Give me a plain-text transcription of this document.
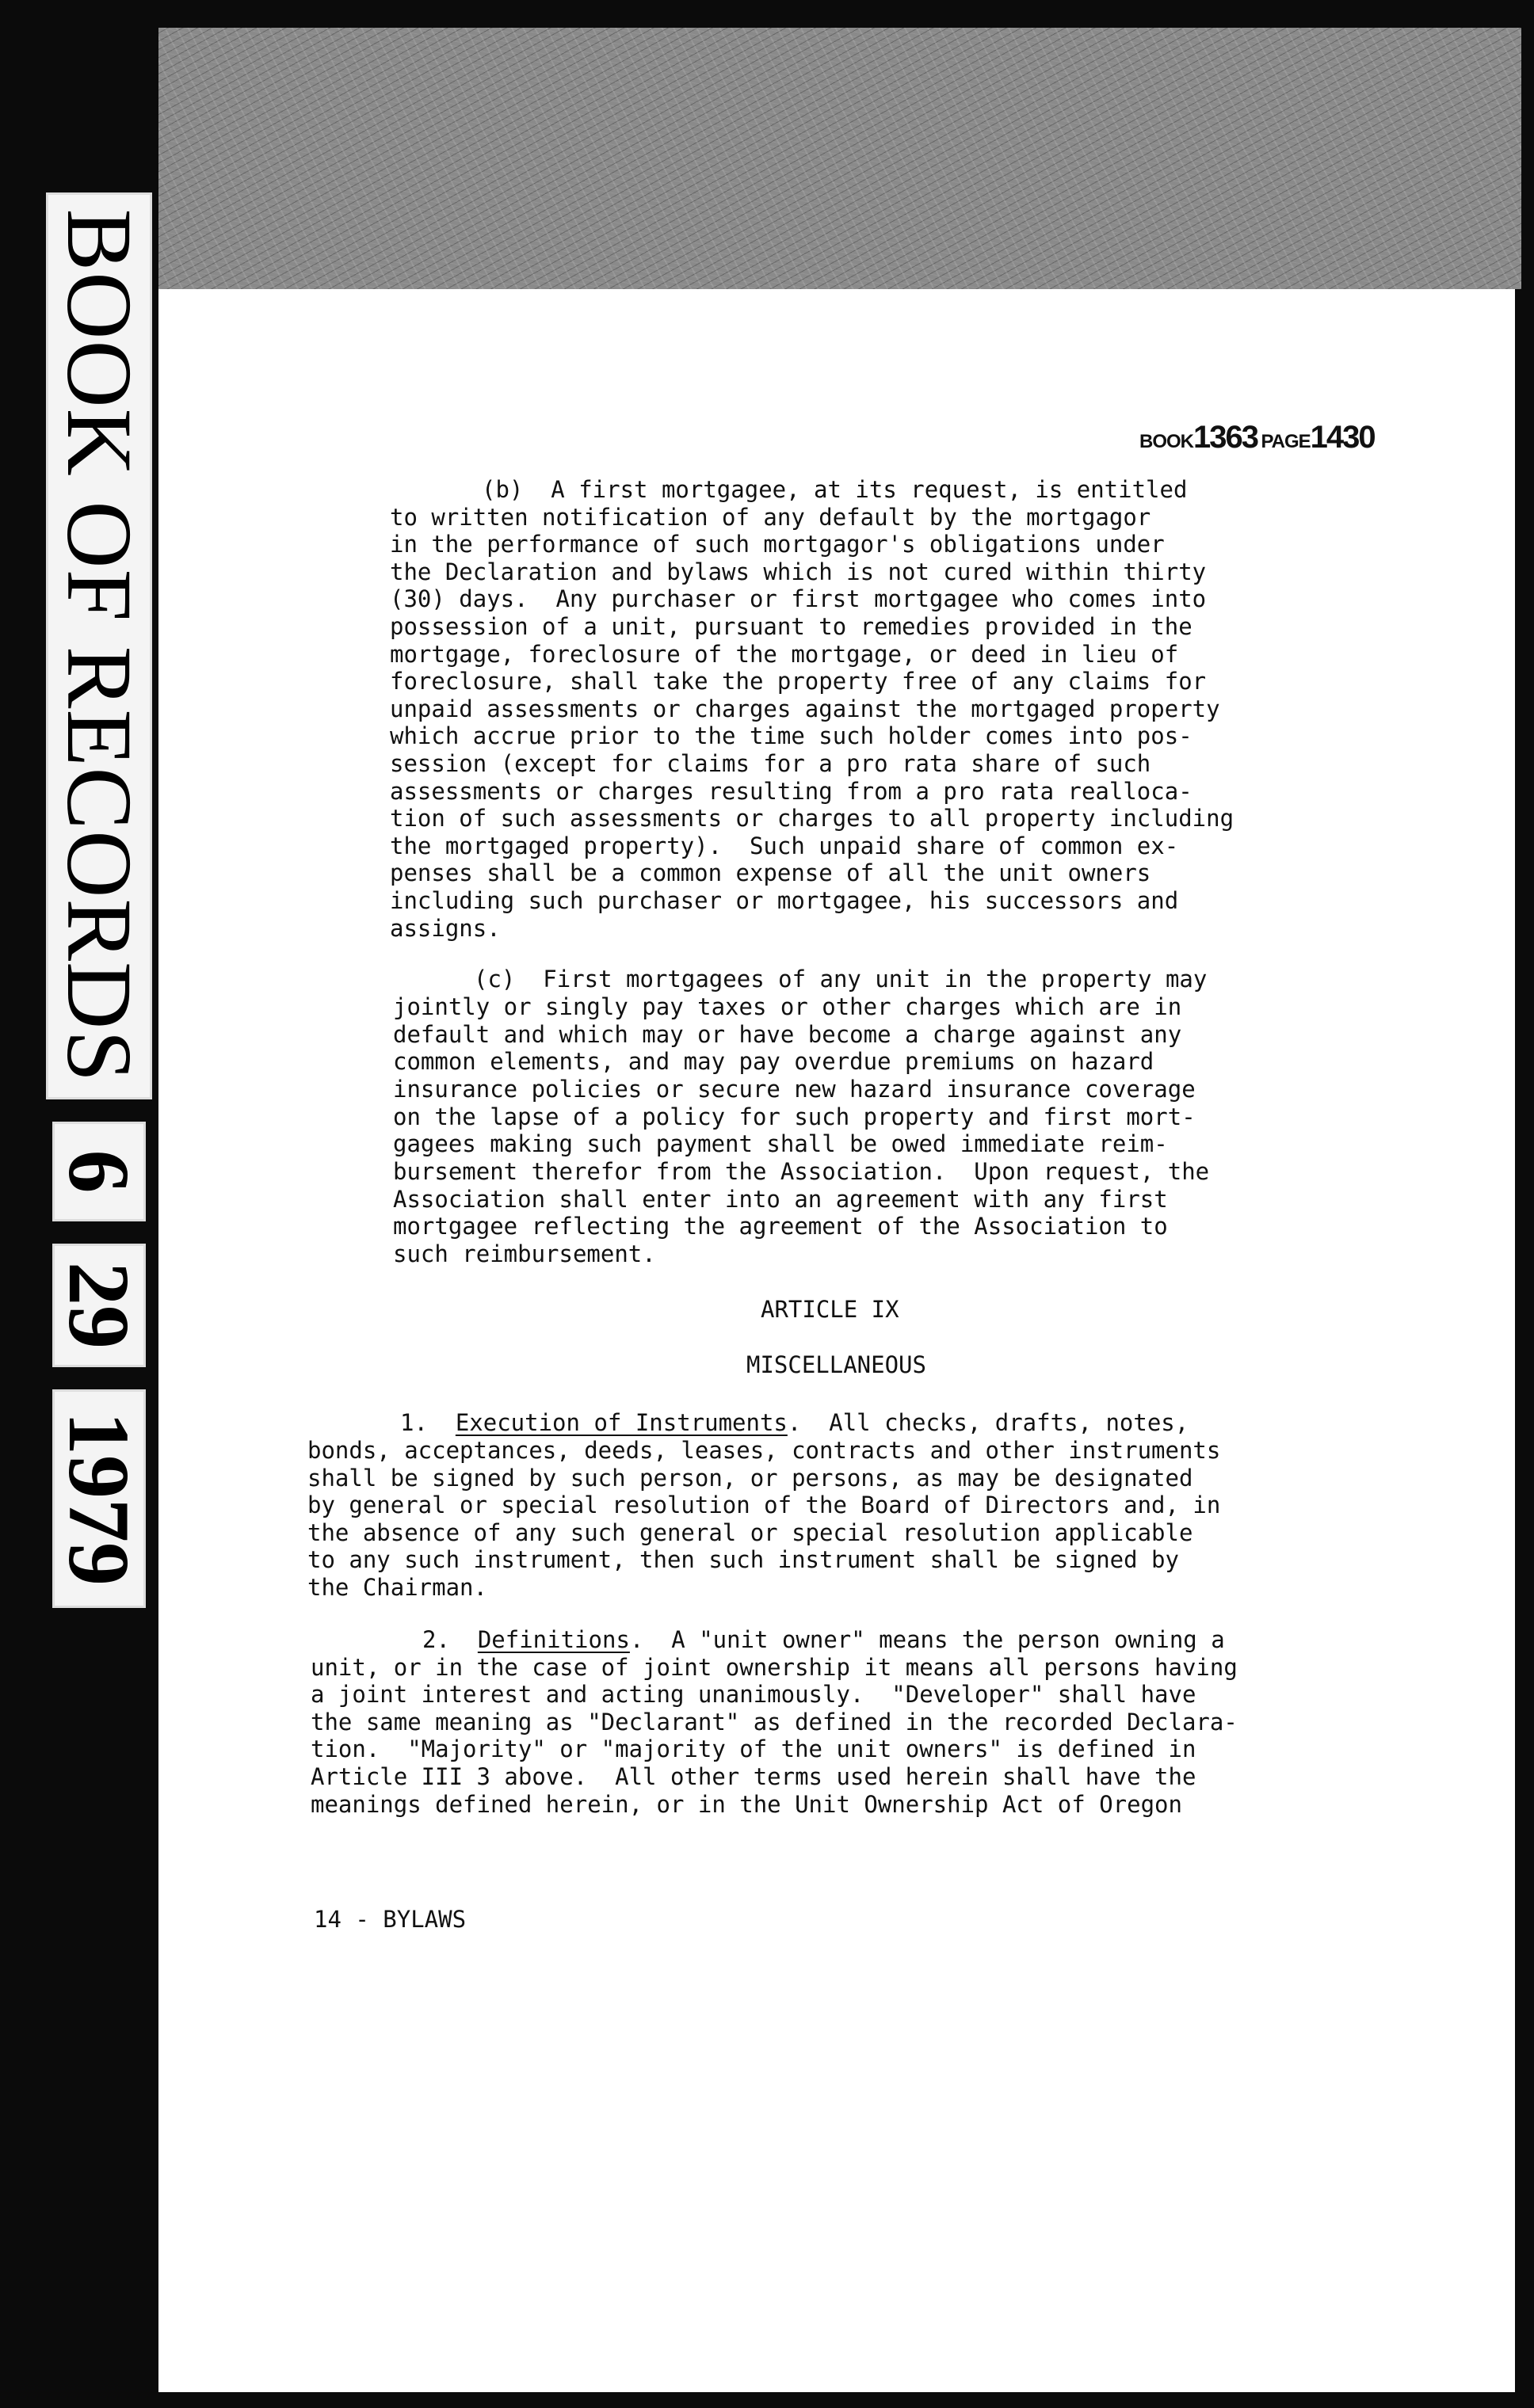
1979
29
6
BOOK OF RECORDS	BOOK1363 PAGE1430
(b)  A first mortgagee, at its request, is entitled
to written notification of any default by the mortgagor
in the performance of such mortgagor's obligations under
the Declaration and bylaws which is not cured within thirty
(30) days.  Any purchaser or first mortgagee who comes into
possession of a unit, pursuant to remedies provided in the
mortgage, foreclosure of the mortgage, or deed in lieu of
foreclosure, shall take the property free of any claims for
unpaid assessments or charges against the mortgaged property
which accrue prior to the time such holder comes into pos-
session (except for claims for a pro rata share of such
assessments or charges resulting from a pro rata realloca-
tion of such assessments or charges to all property including
the mortgaged property).  Such unpaid share of common ex-
penses shall be a common expense of all the unit owners
including such purchaser or mortgagee, his successors and
assigns.
(c)  First mortgagees of any unit in the property may
jointly or singly pay taxes or other charges which are in
default and which may or have become a charge against any
common elements, and may pay overdue premiums on hazard
insurance policies or secure new hazard insurance coverage
on the lapse of a policy for such property and first mort-
gagees making such payment shall be owed immediate reim-
bursement therefor from the Association.  Upon request, the
Association shall enter into an agreement with any first
mortgagee reflecting the agreement of the Association to
such reimbursement.
ARTICLE IX
MISCELLANEOUS
1. Execution of Instruments.  All checks, drafts, notes,
bonds, acceptances, deeds, leases, contracts and other instruments
shall be signed by such person, or persons, as may be designated
by general or special resolution of the Board of Directors and, in
the absence of any such general or special resolution applicable
to any such instrument, then such instrument shall be signed by
the Chairman.
2. Definitions.  A "unit owner" means the person owning a
unit, or in the case of joint ownership it means all persons having
a joint interest and acting unanimously.  "Developer" shall have
the same meaning as "Declarant" as defined in the recorded Declara-
tion.  "Majority" or "majority of the unit owners" is defined in
Article III 3 above.  All other terms used herein shall have the
meanings defined herein, or in the Unit Ownership Act of Oregon
14 - BYLAWS
